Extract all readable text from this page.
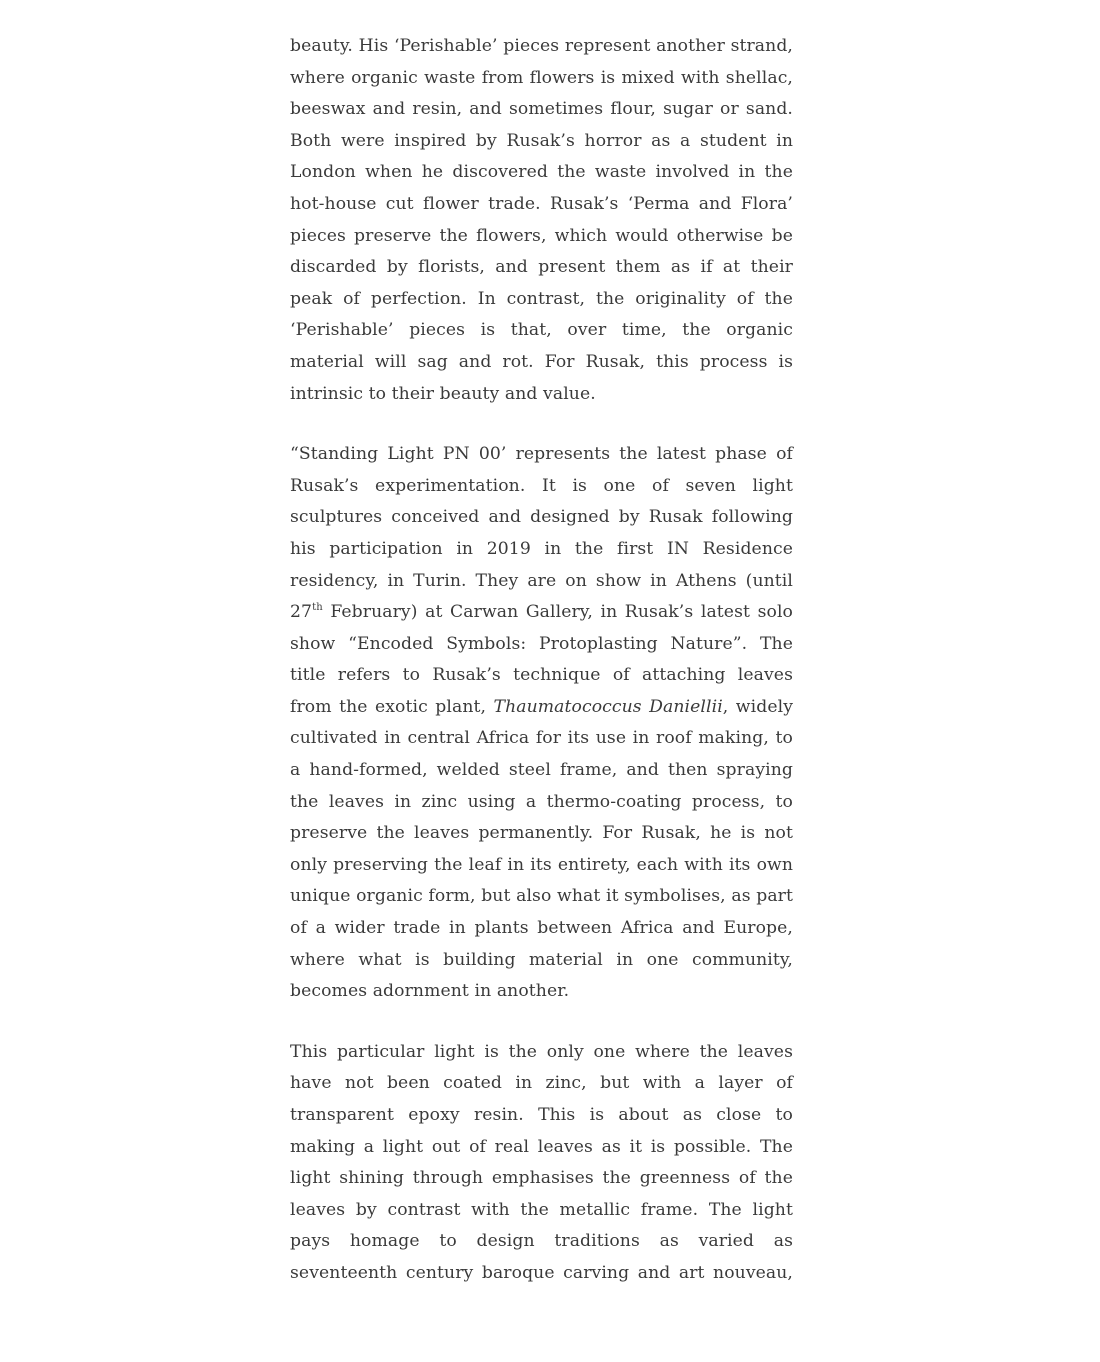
beauty. His ‘Perishable’ pieces represent another strand, where organic waste from flowers is mixed with shellac, beeswax and resin, and sometimes flour, sugar or sand. Both were inspired by Rusak’s horror as a student in London when he discovered the waste involved in the hot-house cut flower trade. Rusak’s ‘Perma and Flora’ pieces preserve the flowers, which would otherwise be discarded by florists, and present them as if at their peak of perfection. In contrast, the originality of the ‘Perishable’ pieces is that, over time, the organic material will sag and rot. For Rusak, this process is intrinsic to their beauty and value.

“Standing Light PN 00’ represents the latest phase of Rusak’s experimentation. It is one of seven light sculptures conceived and designed by Rusak following his participation in 2019 in the first IN Residence residency, in Turin. They are on show in Athens (until 27th February) at Carwan Gallery, in Rusak’s latest solo show “Encoded Symbols: Protoplasting Nature”. The title refers to Rusak’s technique of attaching leaves from the exotic plant, Thaumatococcus Daniellii, widely cultivated in central Africa for its use in roof making, to a hand-formed, welded steel frame, and then spraying the leaves in zinc using a thermo-coating process, to preserve the leaves permanently. For Rusak, he is not only preserving the leaf in its entirety, each with its own unique organic form, but also what it symbolises, as part of a wider trade in plants between Africa and Europe, where what is building material in one community, becomes adornment in another.

This particular light is the only one where the leaves have not been coated in zinc, but with a layer of transparent epoxy resin. This is about as close to making a light out of real leaves as it is possible. The light shining through emphasises the greenness of the leaves by contrast with the metallic frame. The light pays homage to design traditions as varied as seventeenth century baroque carving and art nouveau,
